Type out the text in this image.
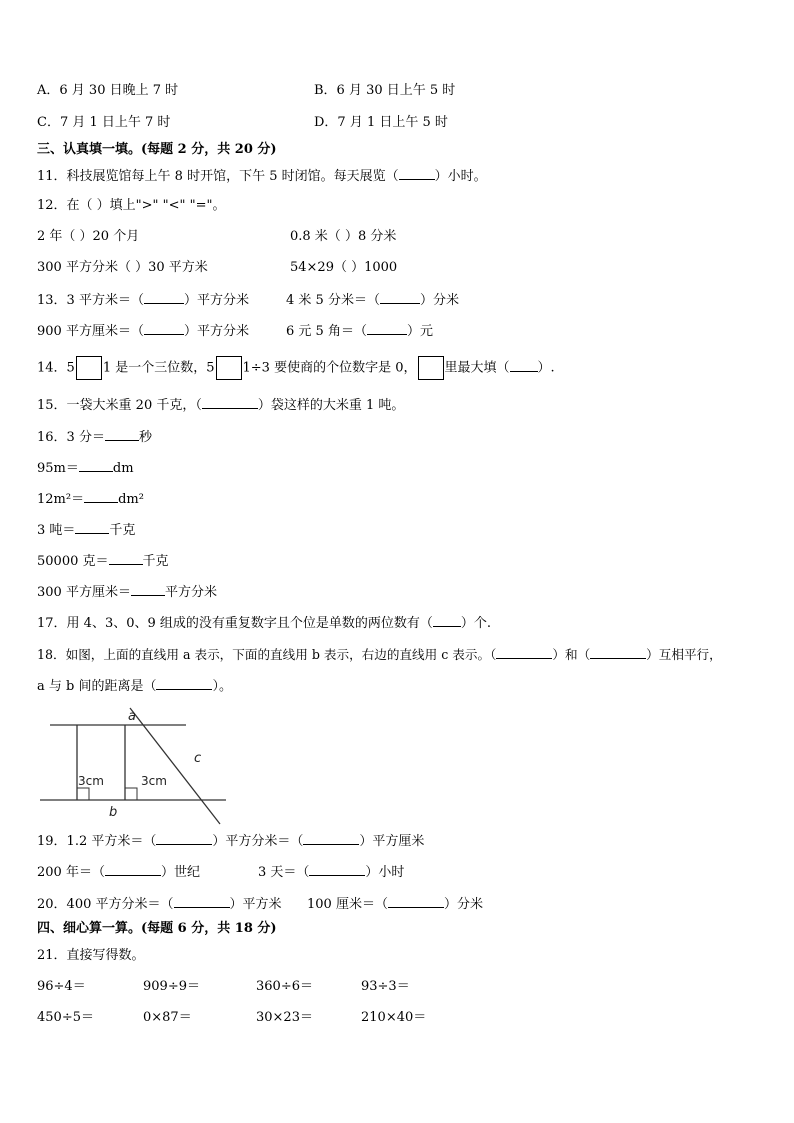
A．6 月 30 日晚上 7 时	B．6 月 30 日上午 5 时
C．7 月 1 日上午 7 时	D．7 月 1 日上午 5 时
三、认真填一填。(每题 2 分，共 20 分)
11．科技展览馆每上午 8 时开馆，下午 5 时闭馆。每天展览（	）小时。
12．在（ ）填上">" "<" "="。
2 年（ ）20 个月	0.8 米（ ）8 分米
300 平方分米（ ）30 平方米	54×29（ ）1000
13．3 平方米＝（	）平方分米	4 米 5 分米＝（	）分米
900 平方厘米＝（	）平方分米	6 元 5 角＝（	）元
14．5 1 是一个三位数，5 1÷3 要使商的个位数字是 0， 里最大填（ ）.
15．一袋大米重 20 千克，（	）袋这样的大米重 1 吨。
16．3 分＝	秒
95m＝	dm
12m²＝	dm²
3 吨＝	千克
50000 克＝	千克
300 平方厘米＝	平方分米
17．用 4、3、0、9 组成的没有重复数字且个位是单数的两位数有（ ）个.
18．如图，上面的直线用 a 表示，下面的直线用 b 表示，右边的直线用 c 表示。（	）和（	）互相平行，
a 与 b 间的距离是（	）。
a
b
c
3cm	3cm
19．1.2 平方米＝（	）平方分米＝（	）平方厘米
200 年＝（	）世纪	3 天＝（	）小时
20．400 平方分米＝（	）平方米 100 厘米＝（	）分米
四、细心算一算。(每题 6 分，共 18 分)
21．直接写得数。
96÷4＝	909÷9＝	360÷6＝	93÷3＝
450÷5＝	0×87＝	30×23＝	210×40＝
